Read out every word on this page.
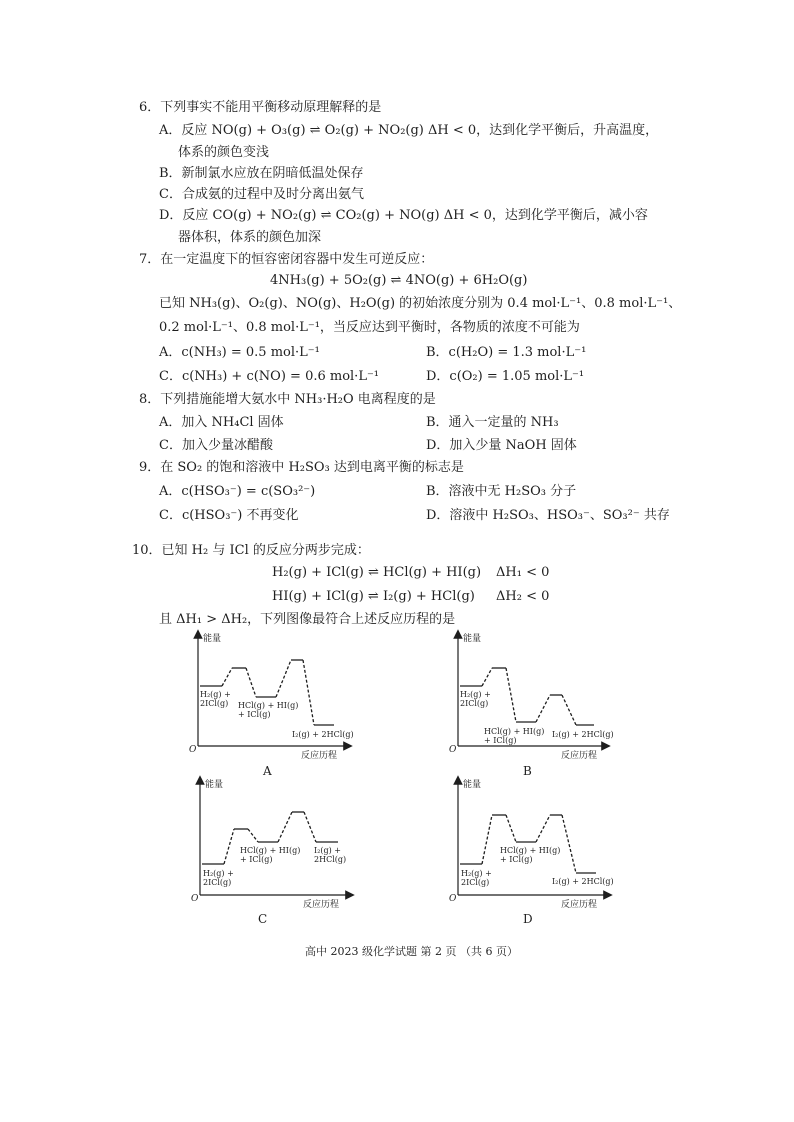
6．下列事实不能用平衡移动原理解释的是
A．反应 NO(g) + O₃(g) ⇌ O₂(g) + NO₂(g) ΔH < 0，达到化学平衡后，升高温度，
体系的颜色变浅
B．新制氯水应放在阴暗低温处保存
C．合成氨的过程中及时分离出氨气
D．反应 CO(g) + NO₂(g) ⇌ CO₂(g) + NO(g) ΔH < 0，达到化学平衡后，减小容
器体积，体系的颜色加深
7．在一定温度下的恒容密闭容器中发生可逆反应：
4NH₃(g) + 5O₂(g) ⇌ 4NO(g) + 6H₂O(g)
已知 NH₃(g)、O₂(g)、NO(g)、H₂O(g) 的初始浓度分别为 0.4 mol·L⁻¹、0.8 mol·L⁻¹、
0.2 mol·L⁻¹、0.8 mol·L⁻¹，当反应达到平衡时，各物质的浓度不可能为
A．c(NH₃) = 0.5 mol·L⁻¹	B．c(H₂O) = 1.3 mol·L⁻¹
C．c(NH₃) + c(NO) = 0.6 mol·L⁻¹	D．c(O₂) = 1.05 mol·L⁻¹
8．下列措施能增大氨水中 NH₃·H₂O 电离程度的是
A．加入 NH₄Cl 固体	B．通入一定量的 NH₃
C．加入少量冰醋酸	D．加入少量 NaOH 固体
9．在 SO₂ 的饱和溶液中 H₂SO₃ 达到电离平衡的标志是
A．c(HSO₃⁻) = c(SO₃²⁻)	B．溶液中无 H₂SO₃ 分子
C．c(HSO₃⁻) 不再变化	D．溶液中 H₂SO₃、HSO₃⁻、SO₃²⁻ 共存
10．已知 H₂ 与 ICl 的反应分两步完成：
H₂(g) + ICl(g) ⇌ HCl(g) + HI(g) ΔH₁ < 0
HI(g) + ICl(g) ⇌ I₂(g) + HCl(g) ΔH₂ < 0
且 ΔH₁ > ΔH₂，下列图像最符合上述反应历程的是
能量
反应历程
O
H₂(g) +
2ICl(g) HCl(g) + HI(g)
+ ICl(g)
I₂(g) + 2HCl(g)
A
能量
反应历程
O
H₂(g) +
2ICl(g)
HCl(g) + HI(g)
+ ICl(g)
I₂(g) + 2HCl(g)
B
能量
反应历程
O
H₂(g) +
2ICl(g)
HCl(g) + HI(g)
+ ICl(g)
I₂(g) +
2HCl(g)
C
能量
反应历程
O
H₂(g) +
2ICl(g)
HCl(g) + HI(g)
+ ICl(g)
I₂(g) + 2HCl(g)
D
高中 2023 级化学试题 第 2 页 （共 6 页）
